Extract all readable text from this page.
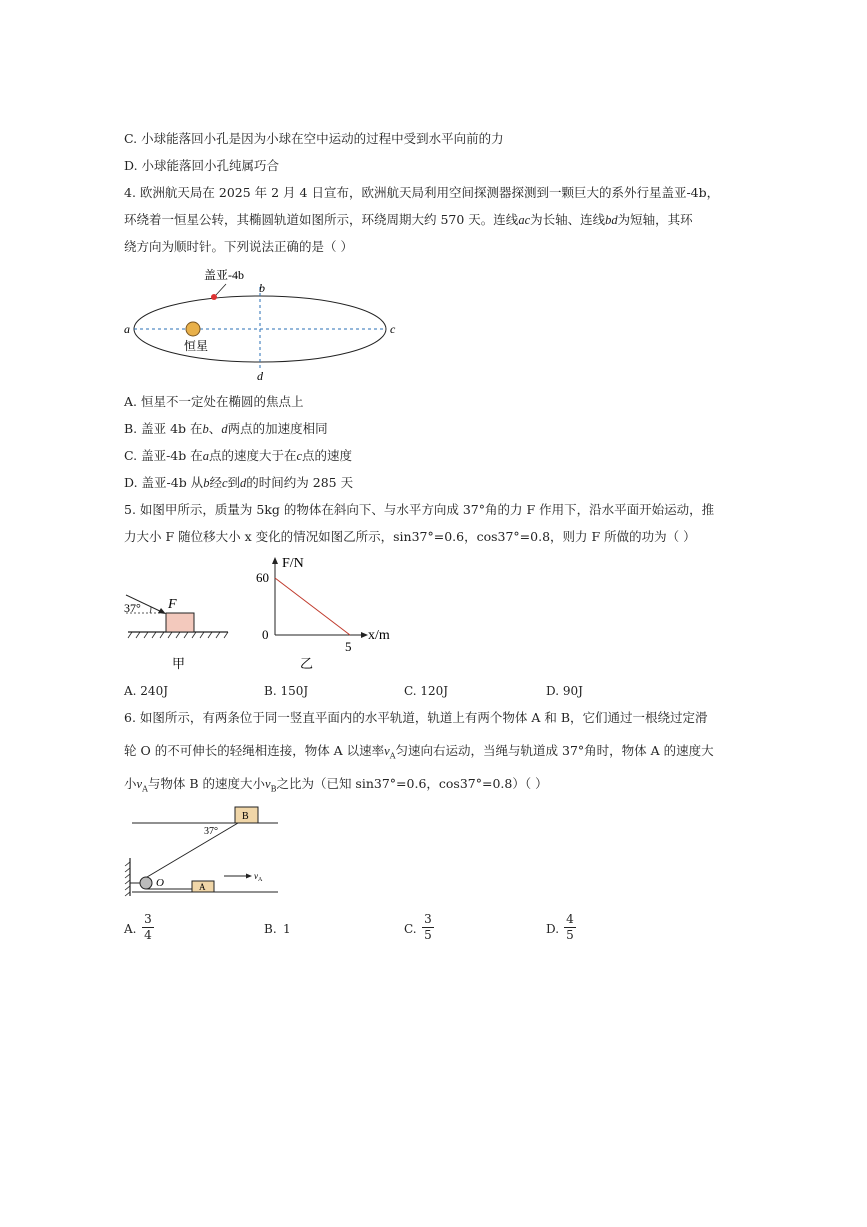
C. 小球能落回小孔是因为小球在空中运动的过程中受到水平向前的力
D. 小球能落回小孔纯属巧合
4. 欧洲航天局在 2025 年 2 月 4 日宣布，欧洲航天局利用空间探测器探测到一颗巨大的系外行星盖亚-4b，
环绕着一恒星公转，其椭圆轨道如图所示，环绕周期大约 570 天。连线ac为长轴、连线bd为短轴，其环
绕方向为顺时针。下列说法正确的是（ ）
盖亚-4b
恒星
a
b
c
d
A. 恒星不一定处在椭圆的焦点上
B. 盖亚 4b 在b、d两点的加速度相同
C. 盖亚-4b 在a点的速度大于在c点的速度
D. 盖亚-4b 从b经c到d的时间约为 285 天
5. 如图甲所示，质量为 5kg 的物体在斜向下、与水平方向成 37°角的力 F 作用下，沿水平面开始运动，推
力大小 F 随位移大小 x 变化的情况如图乙所示，sin37°=0.6，cos37°=0.8，则力 F 所做的功为（ ）
37° F
甲
F/N
x/m
60
0
5
乙
A. 240J	B. 150J	C. 120J	D. 90J
6. 如图所示，有两条位于同一竖直平面内的水平轨道，轨道上有两个物体 A 和 B，它们通过一根绕过定滑
轮 O 的不可伸长的轻绳相连接，物体 A 以速率$v_A$匀速向右运动，当绳与轨道成 37°角时，物体 A 的速度大
小$v_A$与物体 B 的速度大小$v_B$之比为（已知 sin37°=0.6，cos37°=0.8）（ ）
B
A
O
37°
$v_A$
A. $\frac{3}{4}$	B. 1	C. $\frac{3}{5}$	D. $\frac{4}{5}$
